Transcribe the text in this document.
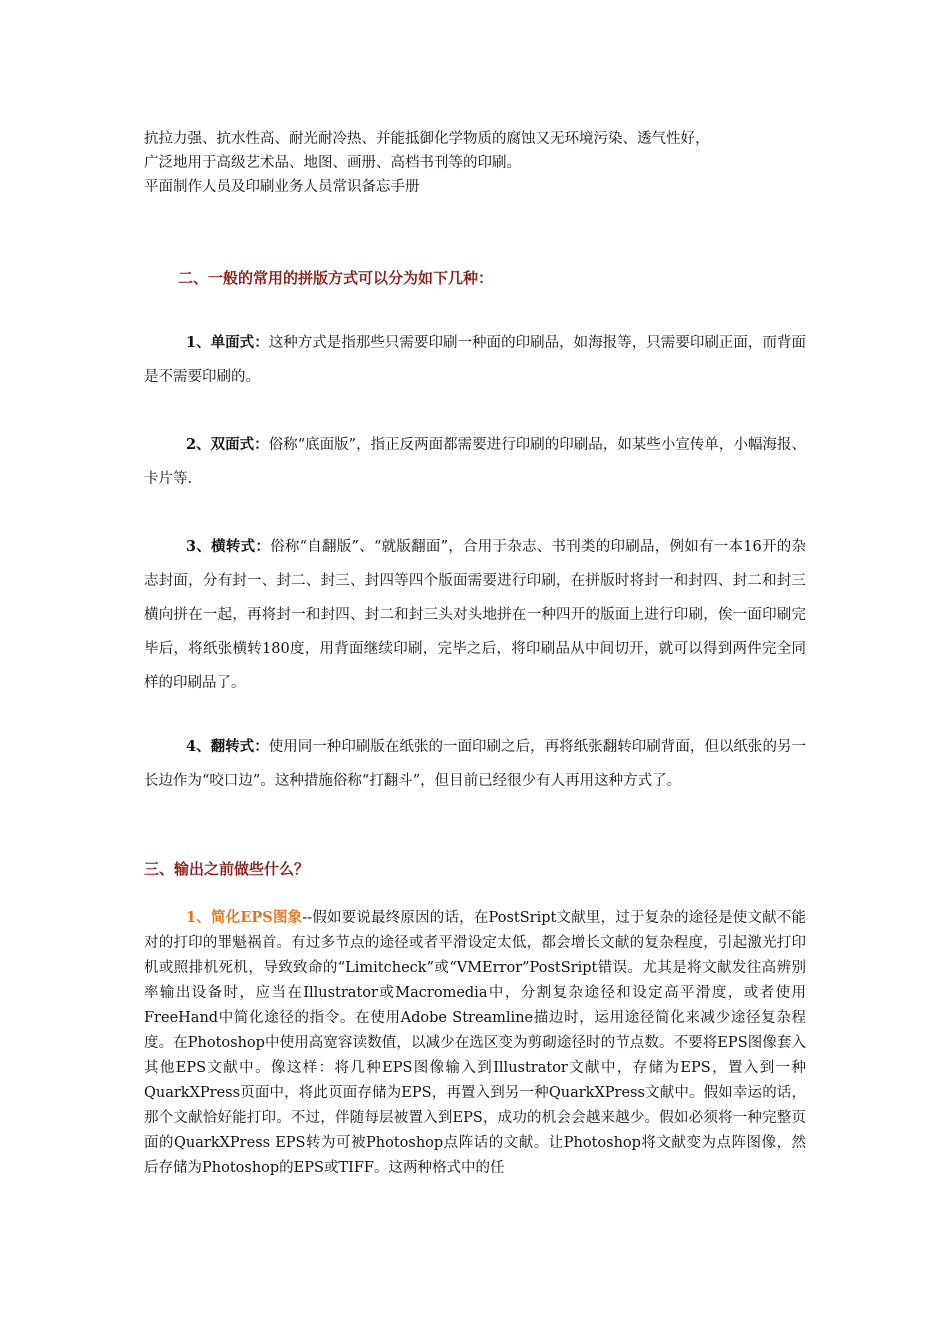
抗拉力强、抗水性高、耐光耐冷热、并能抵御化学物质的腐蚀又无环境污染、透气性好，
广泛地用于高级艺术品、地图、画册、高档书刊等的印刷。
平面制作人员及印刷业务人员常识备忘手册
二、一般的常用的拼版方式可以分为如下几种：
1、单面式：这种方式是指那些只需要印刷一种面的印刷品，如海报等，只需要印刷正面，而背面是不需要印刷的。
2、双面式：俗称“底面版”，指正反两面都需要进行印刷的印刷品，如某些小宣传单，小幅海报、卡片等.
3、横转式：俗称“自翻版”、“就版翻面”，合用于杂志、书刊类的印刷品，例如有一本16开的杂志封面，分有封一、封二、封三、封四等四个版面需要进行印刷，在拼版时将封一和封四、封二和封三横向拼在一起，再将封一和封四、封二和封三头对头地拼在一种四开的版面上进行印刷，俟一面印刷完毕后，将纸张横转180度，用背面继续印刷，完毕之后，将印刷品从中间切开，就可以得到两件完全同样的印刷品了。
4、翻转式：使用同一种印刷版在纸张的一面印刷之后，再将纸张翻转印刷背面，但以纸张的另一长边作为“咬口边”。这种措施俗称“打翻斗”，但目前已经很少有人再用这种方式了。
三、输出之前做些什么？
1、简化EPS图象--假如要说最终原因的话，在PostSript文献里，过于复杂的途径是使文献不能对的打印的罪魁祸首。有过多节点的途径或者平滑设定太低，都会增长文献的复杂程度，引起激光打印机或照排机死机，导致致命的“Limitcheck”或“VMError”PostSript错误。尤其是将文献发往高辨别率输出设备时，应当在Illustrator或Macromedia中，分割复杂途径和设定高平滑度，或者使用FreeHand中简化途径的指令。在使用Adobe Streamline描边时，运用途径简化来减少途径复杂程度。在Photoshop中使用高宽容读数值，以减少在选区变为剪砌途径时的节点数。不要将EPS图像套入其他EPS文献中。像这样：将几种EPS图像输入到Illustrator文献中，存储为EPS，置入到一种QuarkXPress页面中，将此页面存储为EPS，再置入到另一种QuarkXPress文献中。假如幸运的话，那个文献恰好能打印。不过，伴随每层被置入到EPS，成功的机会会越来越少。假如必须将一种完整页面的QuarkXPress EPS转为可被Photoshop点阵话的文献。让Photoshop将文献变为点阵图像，然后存储为Photoshop的EPS或TIFF。这两种格式中的任
